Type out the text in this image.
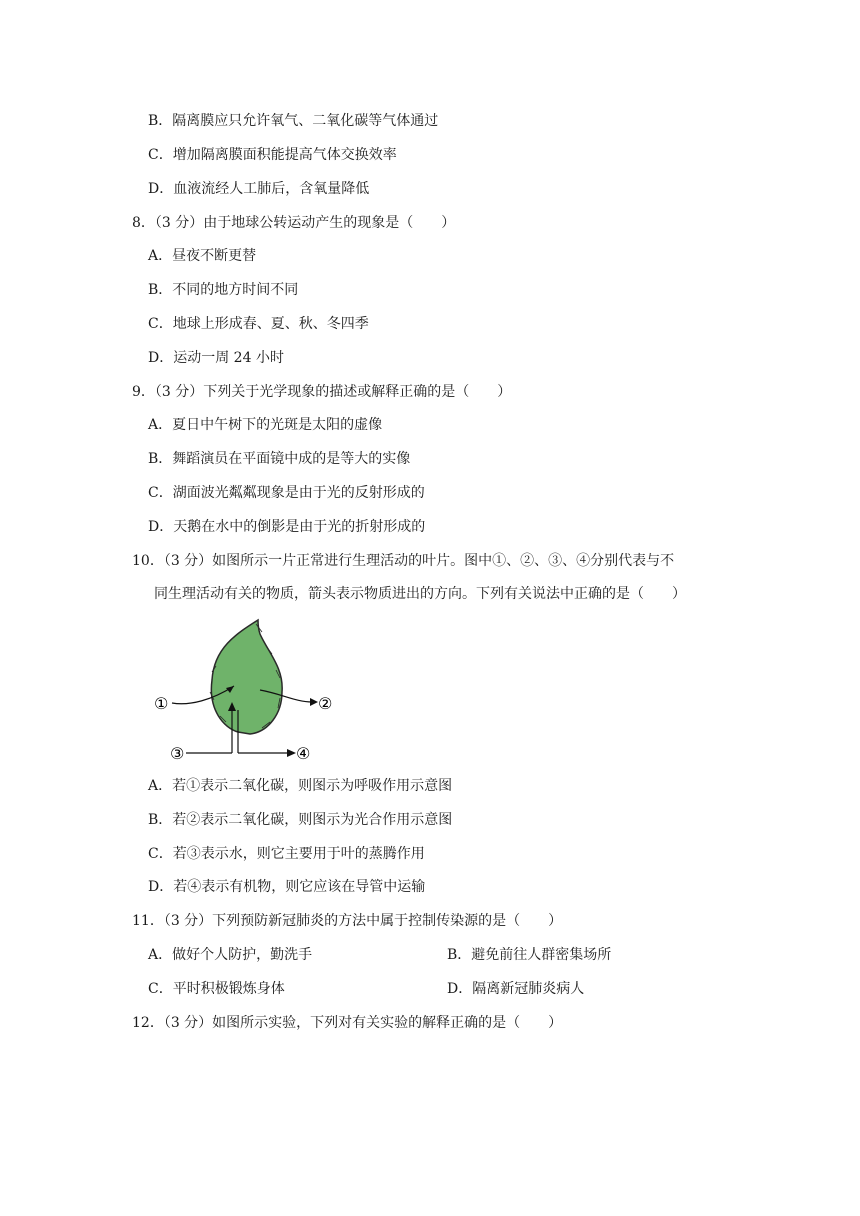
B．隔离膜应只允许氧气、二氧化碳等气体通过
C．增加隔离膜面积能提高气体交换效率
D．血液流经人工肺后，含氧量降低
8．（3 分）由于地球公转运动产生的现象是（　　）
A．昼夜不断更替
B．不同的地方时间不同
C．地球上形成春、夏、秋、冬四季
D．运动一周 24 小时
9．（3 分）下列关于光学现象的描述或解释正确的是（　　）
A．夏日中午树下的光斑是太阳的虚像
B．舞蹈演员在平面镜中成的是等大的实像
C．湖面波光粼粼现象是由于光的反射形成的
D．天鹅在水中的倒影是由于光的折射形成的
10．（3 分）如图所示一片正常进行生理活动的叶片。图中①、②、③、④分别代表与不
同生理活动有关的物质，箭头表示物质进出的方向。下列有关说法中正确的是（　　）
①	②
③	④
A．若①表示二氧化碳，则图示为呼吸作用示意图
B．若②表示二氧化碳，则图示为光合作用示意图
C．若③表示水，则它主要用于叶的蒸腾作用
D．若④表示有机物，则它应该在导管中运输
11．（3 分）下列预防新冠肺炎的方法中属于控制传染源的是（　　）
A．做好个人防护，勤洗手	B．避免前往人群密集场所
C．平时积极锻炼身体	D．隔离新冠肺炎病人
12．（3 分）如图所示实验，下列对有关实验的解释正确的是（　　）
